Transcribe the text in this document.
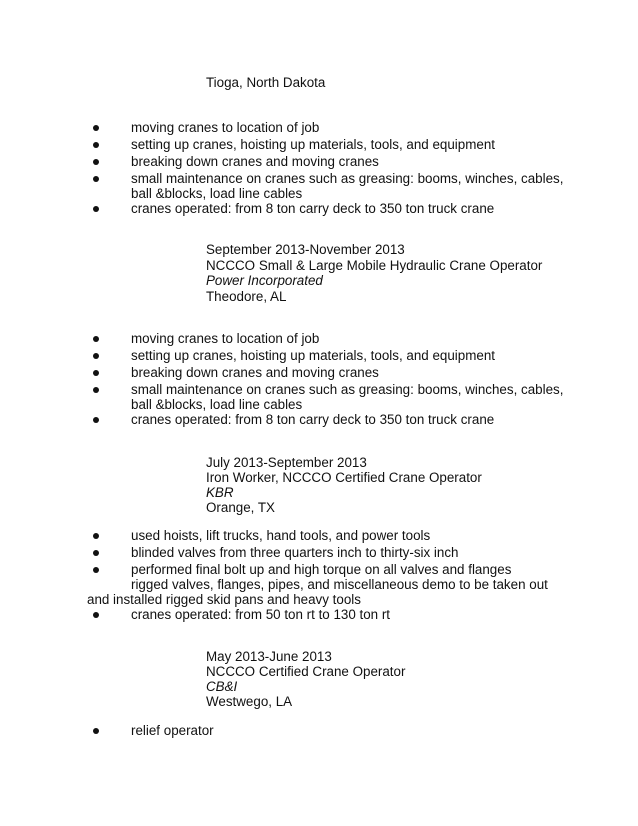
Tioga, North Dakota
moving cranes to location of job
setting up cranes, hoisting up materials, tools, and equipment
breaking down cranes and moving cranes
small maintenance on cranes such as greasing: booms, winches, cables,
ball &blocks, load line cables
cranes operated: from 8 ton carry deck to 350 ton truck crane
September 2013-November 2013
NCCCO Small & Large Mobile Hydraulic Crane Operator
Power Incorporated
Theodore, AL
moving cranes to location of job
setting up cranes, hoisting up materials, tools, and equipment
breaking down cranes and moving cranes
small maintenance on cranes such as greasing: booms, winches, cables,
ball &blocks, load line cables
cranes operated: from 8 ton carry deck to 350 ton truck crane
July 2013-September 2013
Iron Worker, NCCCO Certified Crane Operator
KBR
Orange, TX
used hoists, lift trucks, hand tools, and power tools
blinded valves from three quarters inch to thirty-six inch
performed final bolt up and high torque on all valves and flanges
rigged valves, flanges, pipes, and miscellaneous demo to be taken out
and installed rigged skid pans and heavy tools
cranes operated: from 50 ton rt to 130 ton rt
May 2013-June 2013
NCCCO Certified Crane Operator
CB&I
Westwego, LA
relief operator
